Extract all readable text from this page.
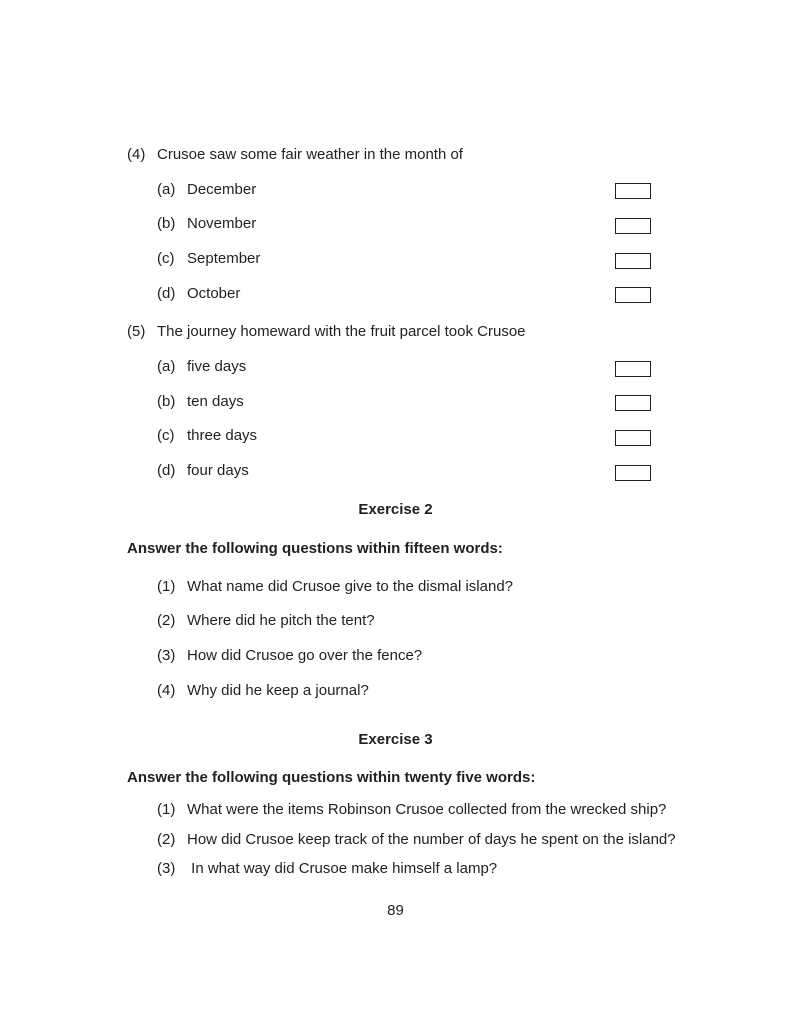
(4) Crusoe saw some fair weather in the month of
(a) December
(b) November
(c) September
(d) October
(5) The journey homeward with the fruit parcel took Crusoe
(a) five days
(b) ten days
(c) three days
(d) four days
Exercise 2
Answer the following questions within fifteen words:
(1) What name did Crusoe give to the dismal island?
(2) Where did he pitch the tent?
(3) How did Crusoe go over the fence?
(4) Why did he keep a journal?
Exercise 3
Answer the following questions within twenty five words:
(1) What were the items Robinson Crusoe collected from the wrecked ship?
(2) How did Crusoe keep track of the number of days he spent on the island?
(3) In what way did Crusoe make himself a lamp?
89
